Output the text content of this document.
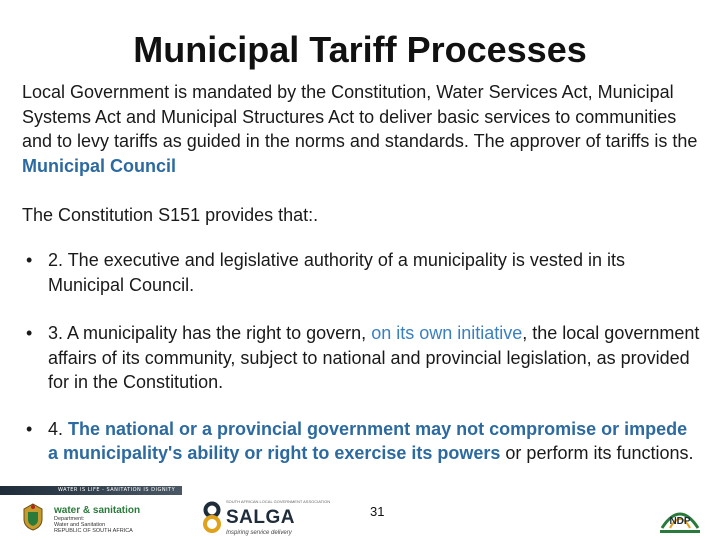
Municipal Tariff Processes

Local Government is mandated by the Constitution, Water Services Act, Municipal Systems Act and Municipal Structures Act to deliver basic services to communities and to levy tariffs as guided in the norms and standards. The approver of tariffs is the Municipal Council

The Constitution S151 provides that:.

• 2. The executive and legislative authority of a municipality is vested in its Municipal Council.
• 3. A municipality has the right to govern, on its own initiative, the local government affairs of its community, subject to national and provincial legislation, as provided for in the Constitution.
• 4. The national or a provincial government may not compromise or impede a municipality's ability or right to exercise its powers or perform its functions.
WATER IS LIFE - SANITATION IS DIGNITY
water & sanitation
Department:
Water and Sanitation
REPUBLIC OF SOUTH AFRICA
SOUTH AFRICAN LOCAL GOVERNMENT ASSOCIATION
SALGA
Inspiring service delivery
31
NDP
